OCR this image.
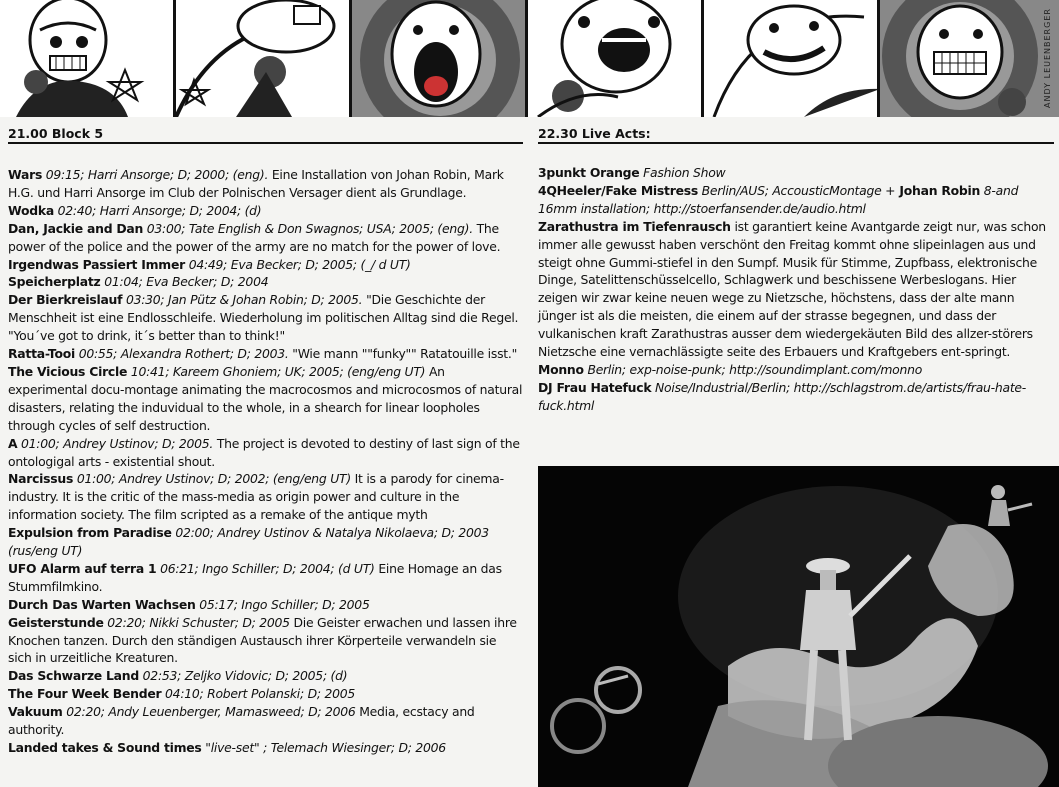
ANDY LEUENBERGER
21.00 Block 5
Wars 09:15; Harri Ansorge; D; 2000; (eng). Eine Installation von Johan Robin, Mark H.G. und Harri Ansorge im Club der Polnischen Versager dient als Grundlage.
Wodka 02:40; Harri Ansorge; D; 2004; (d)
Dan, Jackie and Dan 03:00; Tate English & Don Swagnos; USA; 2005; (eng). The power of the police and the power of the army are no match for the power of love.
Irgendwas Passiert Immer 04:49; Eva Becker; D; 2005; (_/ d UT)
Speicherplatz 01:04; Eva Becker; D; 2004
Der Bierkreislauf 03:30; Jan Pütz & Johan Robin; D; 2005. "Die Geschichte der Menschheit ist eine Endlosschleife. Wiederholung im politischen Alltag sind die Regel. "You´ve got to drink, it´s better than to think!"
Ratta-Tooi 00:55; Alexandra Rothert; D; 2003. "Wie mann ""funky"" Ratatouille isst."
The Vicious Circle 10:41; Kareem Ghoniem; UK; 2005; (eng/eng UT) An experimental docu-montage animating the macrocosmos and microcosmos of natural disasters, relating the induvidual to the whole, in a shearch for linear loopholes through cycles of self destruction.
A 01:00; Andrey Ustinov; D; 2005. The project is devoted to destiny of last sign of the ontologigal arts - existential shout.
Narcissus 01:00; Andrey Ustinov; D; 2002; (eng/eng UT) It is a parody for cinema-industry. It is the critic of the mass-media as origin power and culture in the information society. The film scripted as a remake of the antique myth
Expulsion from Paradise 02:00; Andrey Ustinov & Natalya Nikolaeva; D; 2003 (rus/eng UT)
UFO Alarm auf terra 1 06:21; Ingo Schiller; D; 2004; (d UT) Eine Homage an das Stummfilmkino.
Durch Das Warten Wachsen 05:17; Ingo Schiller; D; 2005
Geisterstunde 02:20; Nikki Schuster; D; 2005 Die Geister erwachen und lassen ihre Knochen tanzen. Durch den ständigen Austausch ihrer Körperteile verwandeln sie sich in urzeitliche Kreaturen.
Das Schwarze Land 02:53; Zeljko Vidovic; D; 2005; (d)
The Four Week Bender 04:10; Robert Polanski; D; 2005
Vakuum 02:20; Andy Leuenberger, Mamasweed; D; 2006 Media, ecstacy and authority.
Landed takes & Sound times "live-set" ; Telemach Wiesinger; D; 2006
22.30 Live Acts:
3punkt Orange Fashion Show
4QHeeler/Fake Mistress Berlin/AUS; AccousticMontage + Johan Robin 8-and 16mm installation; http://stoerfansender.de/audio.html
Zarathustra im Tiefenrausch ist garantiert keine Avantgarde zeigt nur, was schon immer alle gewusst haben verschönt den Freitag kommt ohne slipeinlagen aus und steigt ohne Gummi-stiefel in den Sumpf. Musik für Stimme, Zupfbass, elektronische Dinge, Satelittenschüsselcello, Schlagwerk und beschissene Werbeslogans. Hier zeigen wir zwar keine neuen wege zu Nietzsche, höchstens, dass der alte mann jünger ist als die meisten, die einem auf der strasse begegnen, und dass der vulkanischen kraft Zarathustras ausser dem wiedergekäuten Bild des allzer-störers Nietzsche eine vernachlässigte seite des Erbauers und Kraftgebers ent-springt.
Monno Berlin; exp-noise-punk; http://soundimplant.com/monno
DJ Frau Hatefuck Noise/Industrial/Berlin; http://schlagstrom.de/artists/frau-hate-fuck.html
